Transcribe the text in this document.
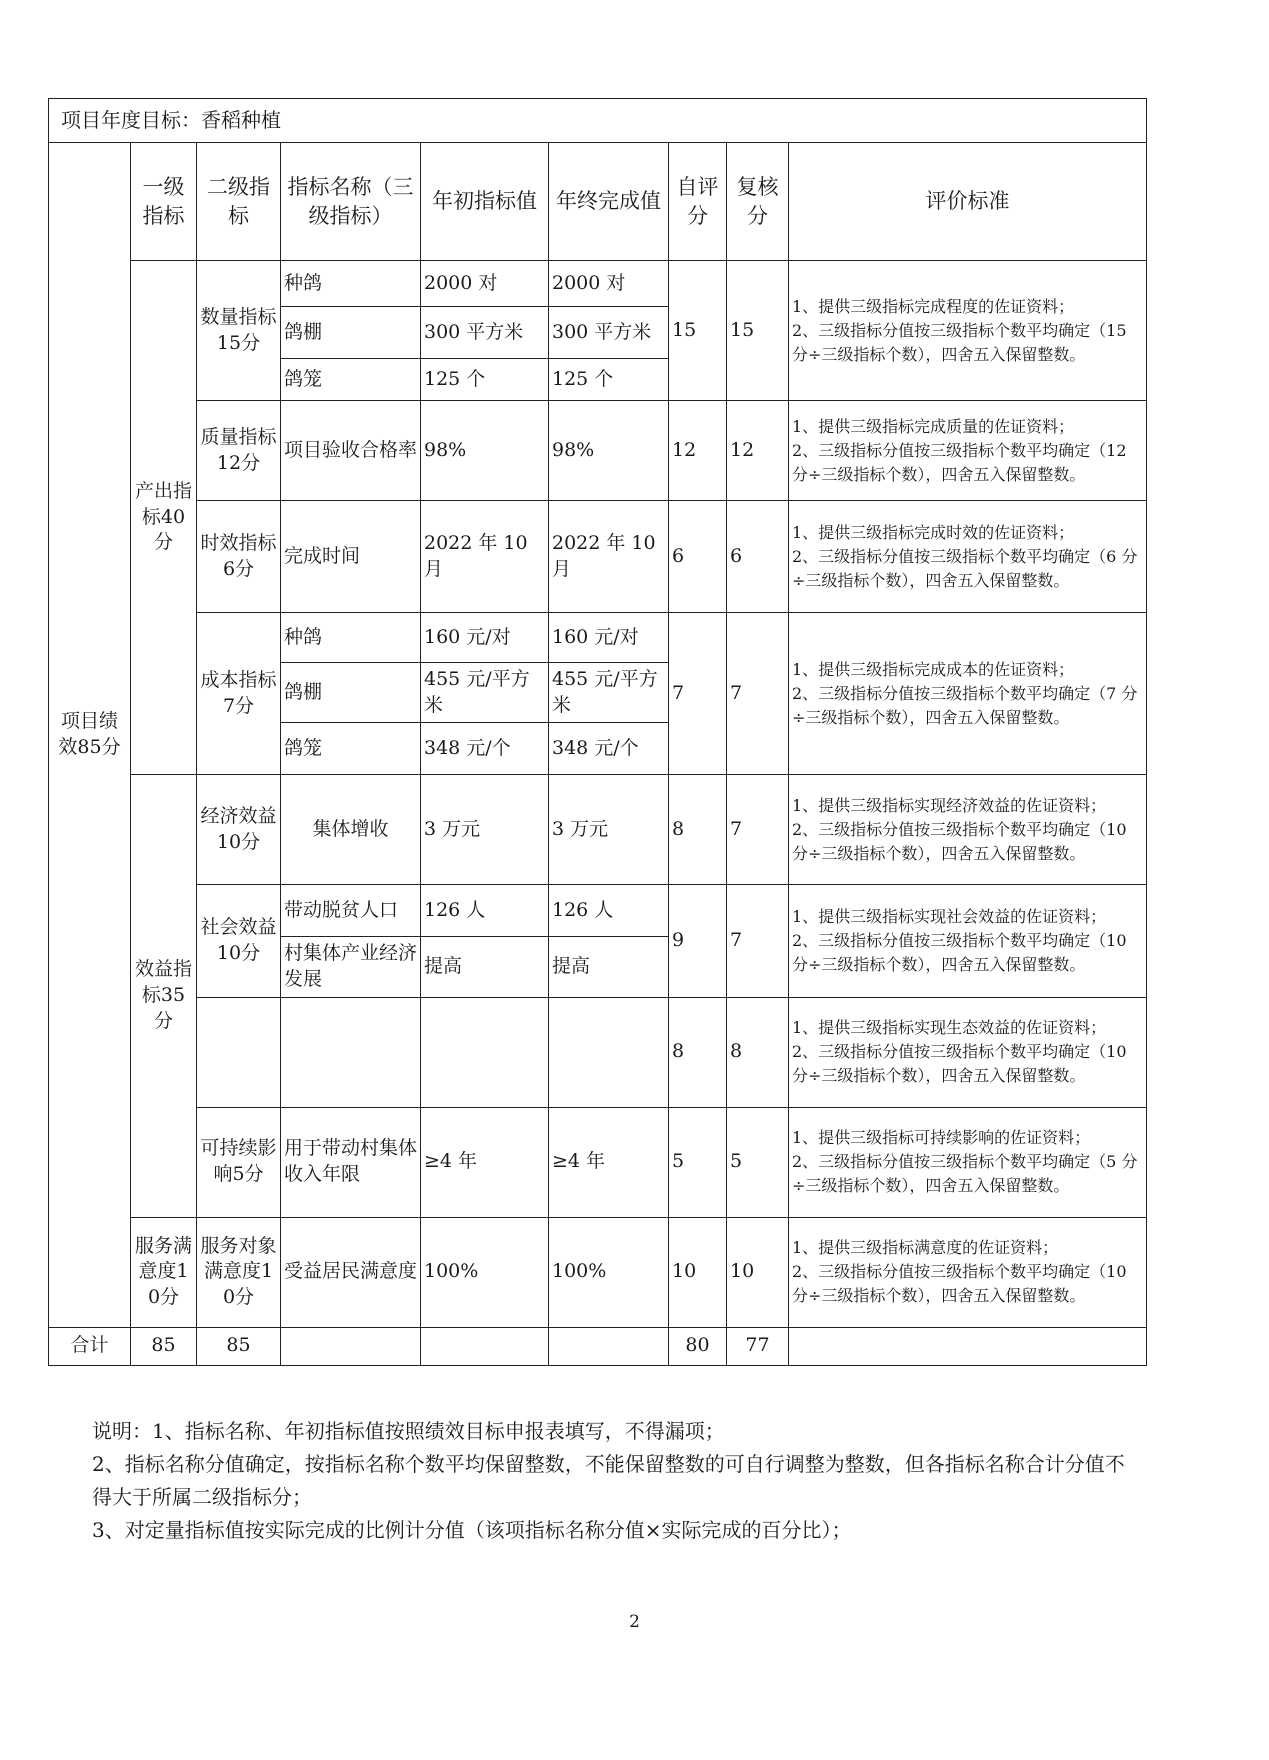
项目年度目标：香稻种植								
项目绩效85分	一级指标	二级指标	指标名称（三级指标）	年初指标值	年终完成值	自评分	复核分	评价标准
	产出指标40分	数量指标15分	种鸽	2000 对	2000 对	15	15	1、提供三级指标完成程度的佐证资料；
2、三级指标分值按三级指标个数平均确定（15 分÷三级指标个数），四舍五入保留整数。

			鸽棚	300 平方米	300 平方米			
			鸽笼	125 个	125 个			
		质量指标12分	项目验收合格率	98%	98%	12	12	1、提供三级指标完成质量的佐证资料；
2、三级指标分值按三级指标个数平均确定（12 分÷三级指标个数），四舍五入保留整数。

		时效指标6分	完成时间	2022 年 10 月	2022 年 10 月	6	6	1、提供三级指标完成时效的佐证资料；
2、三级指标分值按三级指标个数平均确定（6 分÷三级指标个数），四舍五入保留整数。

		成本指标7分	种鸽	160 元/对	160 元/对	7	7	1、提供三级指标完成成本的佐证资料；
2、三级指标分值按三级指标个数平均确定（7 分÷三级指标个数），四舍五入保留整数。

			鸽棚	455 元/平方米	455 元/平方米			
			鸽笼	348 元/个	348 元/个			
	效益指标35分	经济效益10分	集体增收	3 万元	3 万元	8	7	1、提供三级指标实现经济效益的佐证资料；
2、三级指标分值按三级指标个数平均确定（10 分÷三级指标个数），四舍五入保留整数。

		社会效益10分	带动脱贫人口	126 人	126 人	9	7	1、提供三级指标实现社会效益的佐证资料；
2、三级指标分值按三级指标个数平均确定（10 分÷三级指标个数），四舍五入保留整数。

			村集体产业经济发展	提高	提高			
						8	8	1、提供三级指标实现生态效益的佐证资料；
2、三级指标分值按三级指标个数平均确定（10 分÷三级指标个数），四舍五入保留整数。

		可持续影响5分	用于带动村集体收入年限	≥4 年	≥4 年	5	5	1、提供三级指标可持续影响的佐证资料；
2、三级指标分值按三级指标个数平均确定（5 分÷三级指标个数），四舍五入保留整数。

	服务满意度10分	服务对象满意度10分	受益居民满意度	100%	100%	10	10	1、提供三级指标满意度的佐证资料；
2、三级指标分值按三级指标个数平均确定（10 分÷三级指标个数），四舍五入保留整数。

合计	85	85				80	77	
说明：1、指标名称、年初指标值按照绩效目标申报表填写，不得漏项；
2、指标名称分值确定，按指标名称个数平均保留整数，不能保留整数的可自行调整为整数，但各指标名称合计分值不得大于所属二级指标分；
3、对定量指标值按实际完成的比例计分值（该项指标名称分值×实际完成的百分比）；
2
